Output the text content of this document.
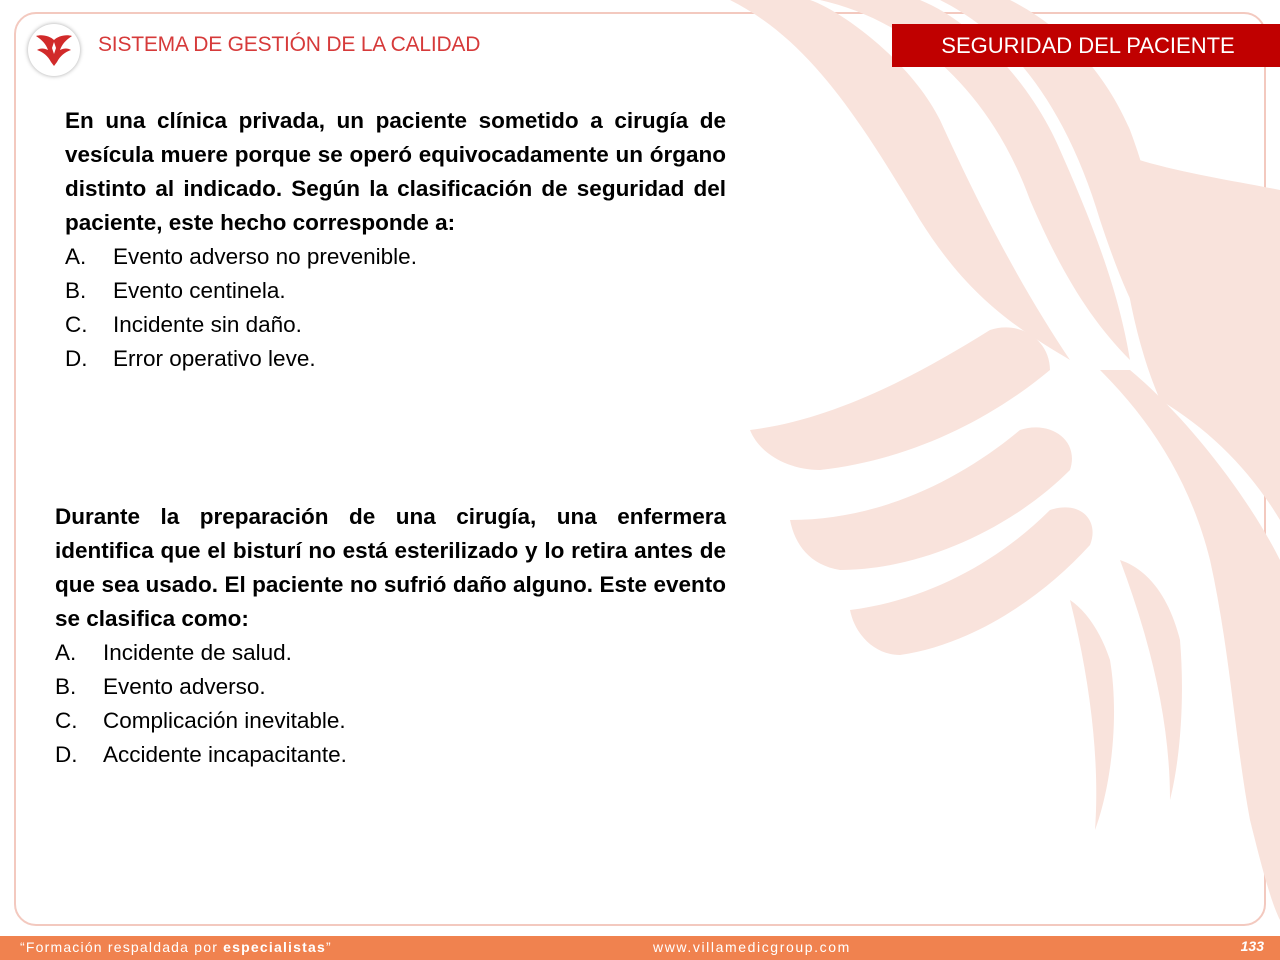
SISTEMA DE GESTIÓN DE LA CALIDAD	SEGURIDAD DEL PACIENTE

En una clínica privada, un paciente sometido a cirugía de vesícula muere porque se operó equivocadamente un órgano distinto al indicado. Según la clasificación de seguridad del paciente, este hecho corresponde a:

A.	Evento adverso no prevenible.
B.	Evento centinela.
C.	Incidente sin daño.
D.	Error operativo leve.

Durante la preparación de una cirugía, una enfermera identifica que el bisturí no está esterilizado y lo retira antes de que sea usado. El paciente no sufrió daño alguno. Este evento se clasifica como:

A.	Incidente de salud.
B.	Evento adverso.
C.	Complicación inevitable.
D.	Accidente incapacitante.
“Formación respaldada por especialistas”	www.villamedicgroup.com	133
